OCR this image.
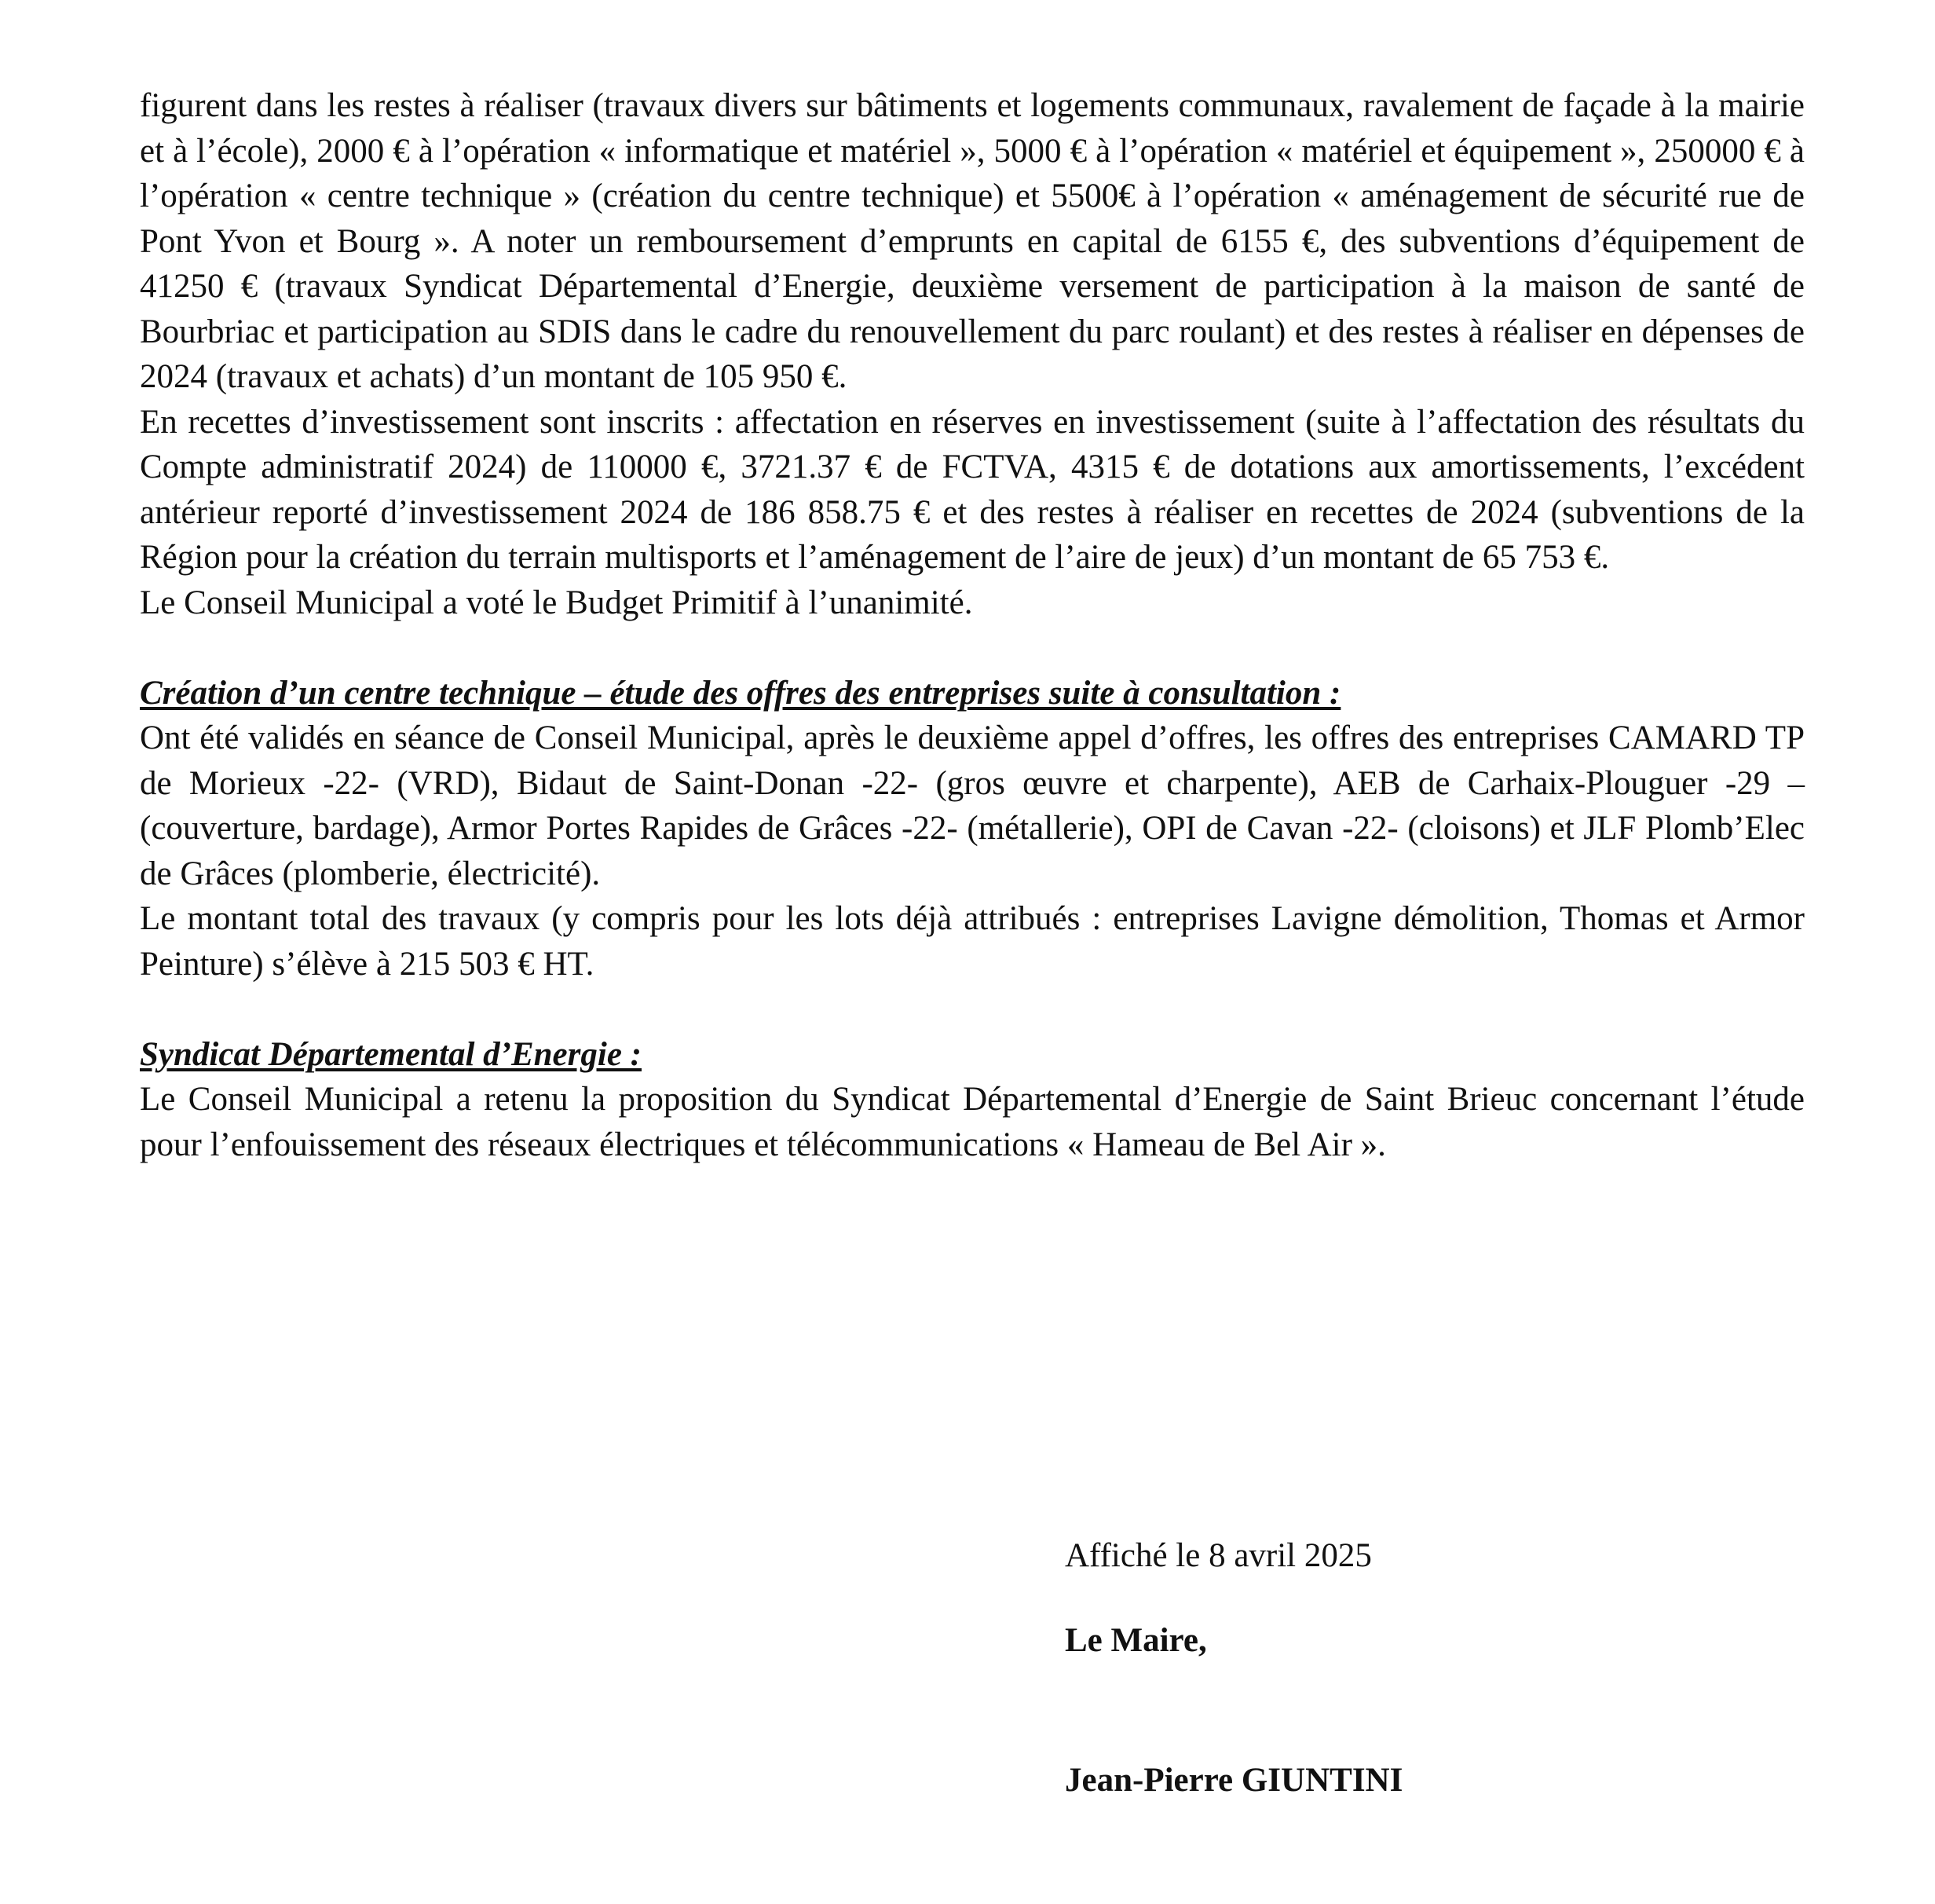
figurent dans les restes à réaliser (travaux divers sur bâtiments et logements communaux, ravalement de façade à la mairie et à l’école), 2000 € à l’opération « informatique et matériel », 5000 € à l’opération « matériel et équipement », 250000 € à l’opération « centre technique » (création du centre technique) et 5500€ à l’opération « aménagement de sécurité rue de Pont Yvon et Bourg ». A noter un remboursement d’emprunts en capital de 6155 €, des subventions d’équipement de 41250 € (travaux Syndicat Départemental d’Energie, deuxième versement de participation à la maison de santé de Bourbriac et participation au SDIS dans le cadre du renouvellement du parc roulant) et des restes à réaliser en dépenses de 2024 (travaux et achats) d’un montant de 105 950 €.

En recettes d’investissement sont inscrits : affectation en réserves en investissement (suite à l’affectation des résultats du Compte administratif 2024) de 110000 €, 3721.37 € de FCTVA, 4315 € de dotations aux amortissements, l’excédent antérieur reporté d’investissement 2024 de 186 858.75 € et des restes à réaliser en recettes de 2024 (subventions de la Région pour la création du terrain multisports et l’aménagement de l’aire de jeux) d’un montant de 65 753 €.

Le Conseil Municipal a voté le Budget Primitif à l’unanimité.

Création d’un centre technique – étude des offres des entreprises suite à consultation :

Ont été validés en séance de Conseil Municipal, après le deuxième appel d’offres, les offres des entreprises CAMARD TP de Morieux -22- (VRD), Bidaut de Saint-Donan -22- (gros œuvre et charpente), AEB de Carhaix-Plouguer -29 – (couverture, bardage), Armor Portes Rapides de Grâces -22- (métallerie), OPI de Cavan -22- (cloisons) et JLF Plomb’Elec de Grâces (plomberie, électricité).

Le montant total des travaux (y compris pour les lots déjà attribués : entreprises Lavigne démolition, Thomas et Armor Peinture) s’élève à 215 503 € HT.

Syndicat Départemental d’Energie :

Le Conseil Municipal a retenu la proposition du Syndicat Départemental d’Energie de Saint Brieuc concernant l’étude pour l’enfouissement des réseaux électriques et télécommunications « Hameau de Bel Air ».

Affiché le 8 avril 2025

Le Maire,

Jean-Pierre GIUNTINI
